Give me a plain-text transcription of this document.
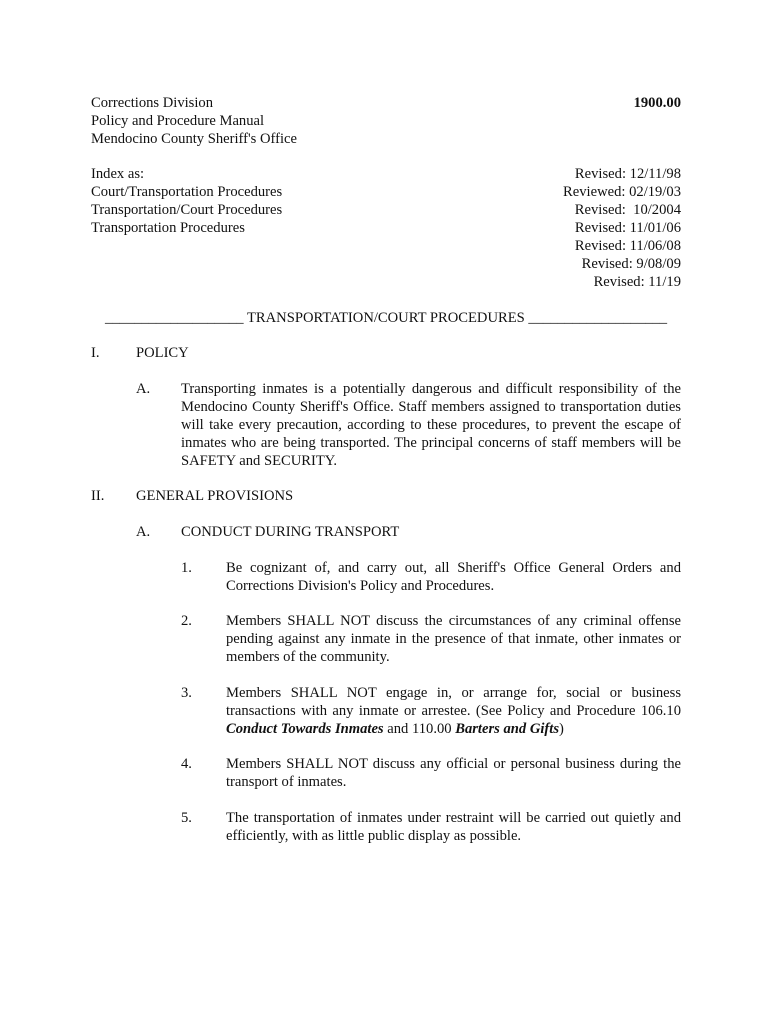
Corrections Division	1900.00
Policy and Procedure Manual
Mendocino County Sheriff's Office
Index as:
Court/Transportation Procedures
Transportation/Court Procedures
Transportation Procedures
Revised: 12/11/98
Reviewed: 02/19/03
Revised:  10/2004
Revised: 11/01/06
Revised: 11/06/08
Revised: 9/08/09
Revised: 11/19
___________________ TRANSPORTATION/COURT PROCEDURES ___________________
I. POLICY
A. Transporting inmates is a potentially dangerous and difficult responsibility of the Mendocino County Sheriff's Office. Staff members assigned to transportation duties will take every precaution, according to these procedures, to prevent the escape of inmates who are being transported. The principal concerns of staff members will be SAFETY and SECURITY.
II. GENERAL PROVISIONS
A. CONDUCT DURING TRANSPORT
1. Be cognizant of, and carry out, all Sheriff's Office General Orders and Corrections Division's Policy and Procedures.
2. Members SHALL NOT discuss the circumstances of any criminal offense pending against any inmate in the presence of that inmate, other inmates or members of the community.
3. Members SHALL NOT engage in, or arrange for, social or business transactions with any inmate or arrestee. (See Policy and Procedure 106.10 Conduct Towards Inmates and 110.00 Barters and Gifts)
4. Members SHALL NOT discuss any official or personal business during the transport of inmates.
5. The transportation of inmates under restraint will be carried out quietly and efficiently, with as little public display as possible.
